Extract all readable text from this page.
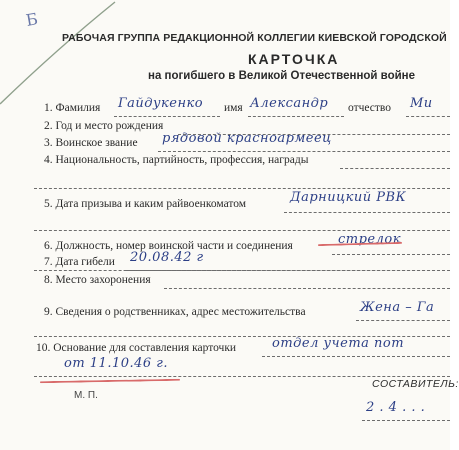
Б
РАБОЧАЯ ГРУППА РЕДАКЦИОННОЙ КОЛЛЕГИИ КИЕВСКОЙ ГОРОДСКОЙ
КАРТОЧКА
на погибшего в Великой Отечественной войне
1. Фамилия Гайдукенко имя Александр отчество Ми
2. Год и место рождения
3. Воинское звание рядовой красноармеец
4. Национальность, партийность, профессия, награды
5. Дата призыва и каким райвоенкоматом	Дарницкий РВК
6. Должность, номер воинской части и соединения	стрелок
7. Дата гибели 20.08.42 г
8. Место захоронения
9. Сведения о родственниках, адрес местожительства	Жена – Га
10. Основание для составления карточки	отдел учета пот
от 11.10.46 г.
СОСТАВИТЕЛЬ:
М. П.
2 . 4 . . .
